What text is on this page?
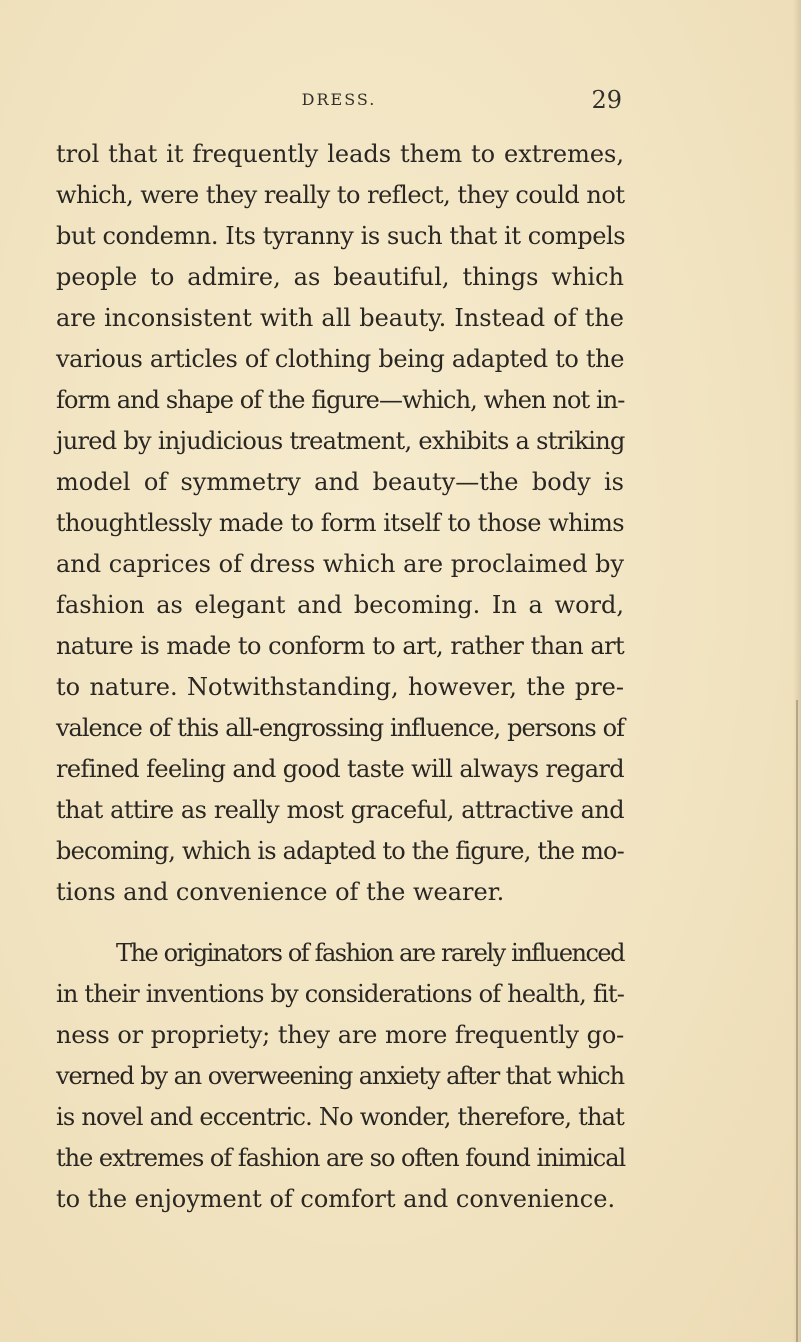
DRESS.	29
trol that it frequently leads them to extremes,
which, were they really to reflect, they could not
but condemn. Its tyranny is such that it compels
people to admire, as beautiful, things which
are inconsistent with all beauty. Instead of the
various articles of clothing being adapted to the
form and shape of the figure—which, when not in-
jured by injudicious treatment, exhibits a striking
model of symmetry and beauty—the body is
thoughtlessly made to form itself to those whims
and caprices of dress which are proclaimed by
fashion as elegant and becoming. In a word,
nature is made to conform to art, rather than art
to nature. Notwithstanding, however, the pre-
valence of this all-engrossing influence, persons of
refined feeling and good taste will always regard
that attire as really most graceful, attractive and
becoming, which is adapted to the figure, the mo-
tions and convenience of the wearer.
The originators of fashion are rarely influenced
in their inventions by considerations of health, fit-
ness or propriety; they are more frequently go-
verned by an overweening anxiety after that which
is novel and eccentric. No wonder, therefore, that
the extremes of fashion are so often found inimical
to the enjoyment of comfort and convenience.
